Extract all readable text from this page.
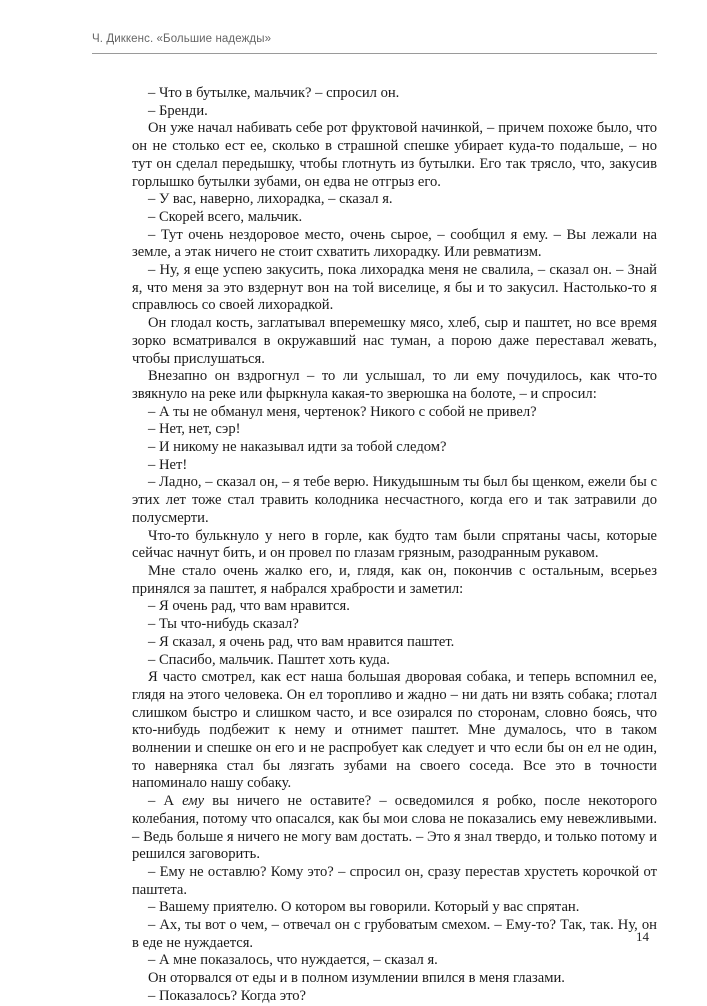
Ч. Диккенс. «Большие надежды»

– Что в бутылке, мальчик? – спросил он.

– Бренди.

Он уже начал набивать себе рот фруктовой начинкой, – причем похоже было, что он не столько ест ее, сколько в страшной спешке убирает куда-то подальше, – но тут он сделал передышку, чтобы глотнуть из бутылки. Его так трясло, что, закусив горлышко бутылки зубами, он едва не отгрыз его.

– У вас, наверно, лихорадка, – сказал я.

– Скорей всего, мальчик.

– Тут очень нездоровое место, очень сырое, – сообщил я ему. – Вы лежали на земле, а этак ничего не стоит схватить лихорадку. Или ревматизм.

– Ну, я еще успею закусить, пока лихорадка меня не свалила, – сказал он. – Знай я, что меня за это вздернут вон на той виселице, я бы и то закусил. Настолько-то я справлюсь со своей лихорадкой.

Он глодал кость, заглатывал вперемешку мясо, хлеб, сыр и паштет, но все время зорко всматривался в окружавший нас туман, а порою даже переставал жевать, чтобы прислушаться.

Внезапно он вздрогнул – то ли услышал, то ли ему почудилось, как что-то звякнуло на реке или фыркнула какая-то зверюшка на болоте, – и спросил:

– А ты не обманул меня, чертенок? Никого с собой не привел?

– Нет, нет, сэр!

– И никому не наказывал идти за тобой следом?

– Нет!

– Ладно, – сказал он, – я тебе верю. Никудышным ты был бы щенком, ежели бы с этих лет тоже стал травить колодника несчастного, когда его и так затравили до полусмерти.

Что-то булькнуло у него в горле, как будто там были спрятаны часы, которые сейчас начнут бить, и он провел по глазам грязным, разодранным рукавом.

Мне стало очень жалко его, и, глядя, как он, покончив с остальным, всерьез принялся за паштет, я набрался храбрости и заметил:

– Я очень рад, что вам нравится.

– Ты что-нибудь сказал?

– Я сказал, я очень рад, что вам нравится паштет.

– Спасибо, мальчик. Паштет хоть куда.

Я часто смотрел, как ест наша большая дворовая собака, и теперь вспомнил ее, глядя на этого человека. Он ел торопливо и жадно – ни дать ни взять собака; глотал слишком быстро и слишком часто, и все озирался по сторонам, словно боясь, что кто-нибудь подбежит к нему и отнимет паштет. Мне думалось, что в таком волнении и спешке он его и не распробует как следует и что если бы он ел не один, то наверняка стал бы лязгать зубами на своего соседа. Все это в точности напоминало нашу собаку.

– А ему вы ничего не оставите? – осведомился я робко, после некоторого колебания, потому что опасался, как бы мои слова не показались ему невежливыми. – Ведь больше я ничего не могу вам достать. – Это я знал твердо, и только потому и решился заговорить.

– Ему не оставлю? Кому это? – спросил он, сразу перестав хрустеть корочкой от паштета.

– Вашему приятелю. О котором вы говорили. Который у вас спрятан.

– Ах, ты вот о чем, – отвечал он с грубоватым смехом. – Ему-то? Так, так. Ну, он в еде не нуждается.

– А мне показалось, что нуждается, – сказал я.

Он оторвался от еды и в полном изумлении впился в меня глазами.

– Показалось? Когда это?

14
